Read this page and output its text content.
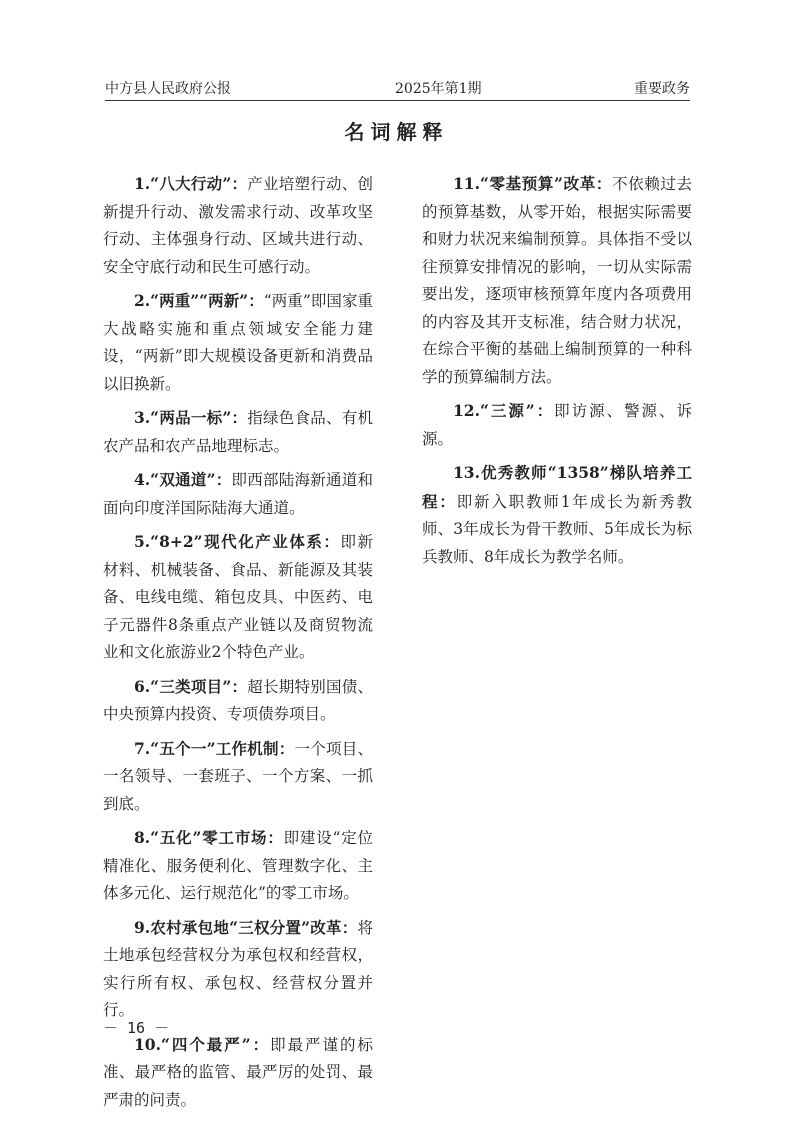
中方县人民政府公报	2025年第1期	重要政务
名词解释

1.“八大行动”：产业培塑行动、创新提升行动、激发需求行动、改革攻坚行动、主体强身行动、区域共进行动、安全守底行动和民生可感行动。

2.“两重”“两新”：“两重”即国家重大战略实施和重点领域安全能力建设，“两新”即大规模设备更新和消费品以旧换新。

3.“两品一标”：指绿色食品、有机农产品和农产品地理标志。

4.“双通道”：即西部陆海新通道和面向印度洋国际陆海大通道。

5.“8+2”现代化产业体系：即新材料、机械装备、食品、新能源及其装备、电线电缆、箱包皮具、中医药、电子元器件8条重点产业链以及商贸物流业和文化旅游业2个特色产业。

6.“三类项目”：超长期特别国债、中央预算内投资、专项债券项目。

7.“五个一”工作机制：一个项目、一名领导、一套班子、一个方案、一抓到底。

8.“五化”零工市场：即建设“定位精准化、服务便利化、管理数字化、主体多元化、运行规范化”的零工市场。

9.农村承包地“三权分置”改革：将土地承包经营权分为承包权和经营权，实行所有权、承包权、经营权分置并行。

10.“四个最严”：即最严谨的标准、最严格的监管、最严厉的处罚、最严肃的问责。

11.“零基预算”改革：不依赖过去的预算基数，从零开始，根据实际需要和财力状况来编制预算。具体指不受以往预算安排情况的影响，一切从实际需要出发，逐项审核预算年度内各项费用的内容及其开支标准，结合财力状况，在综合平衡的基础上编制预算的一种科学的预算编制方法。

12.“三源”：即访源、警源、诉源。

13.优秀教师“1358”梯队培养工程：即新入职教师1年成长为新秀教师、3年成长为骨干教师、5年成长为标兵教师、8年成长为教学名师。

－ 16 －
